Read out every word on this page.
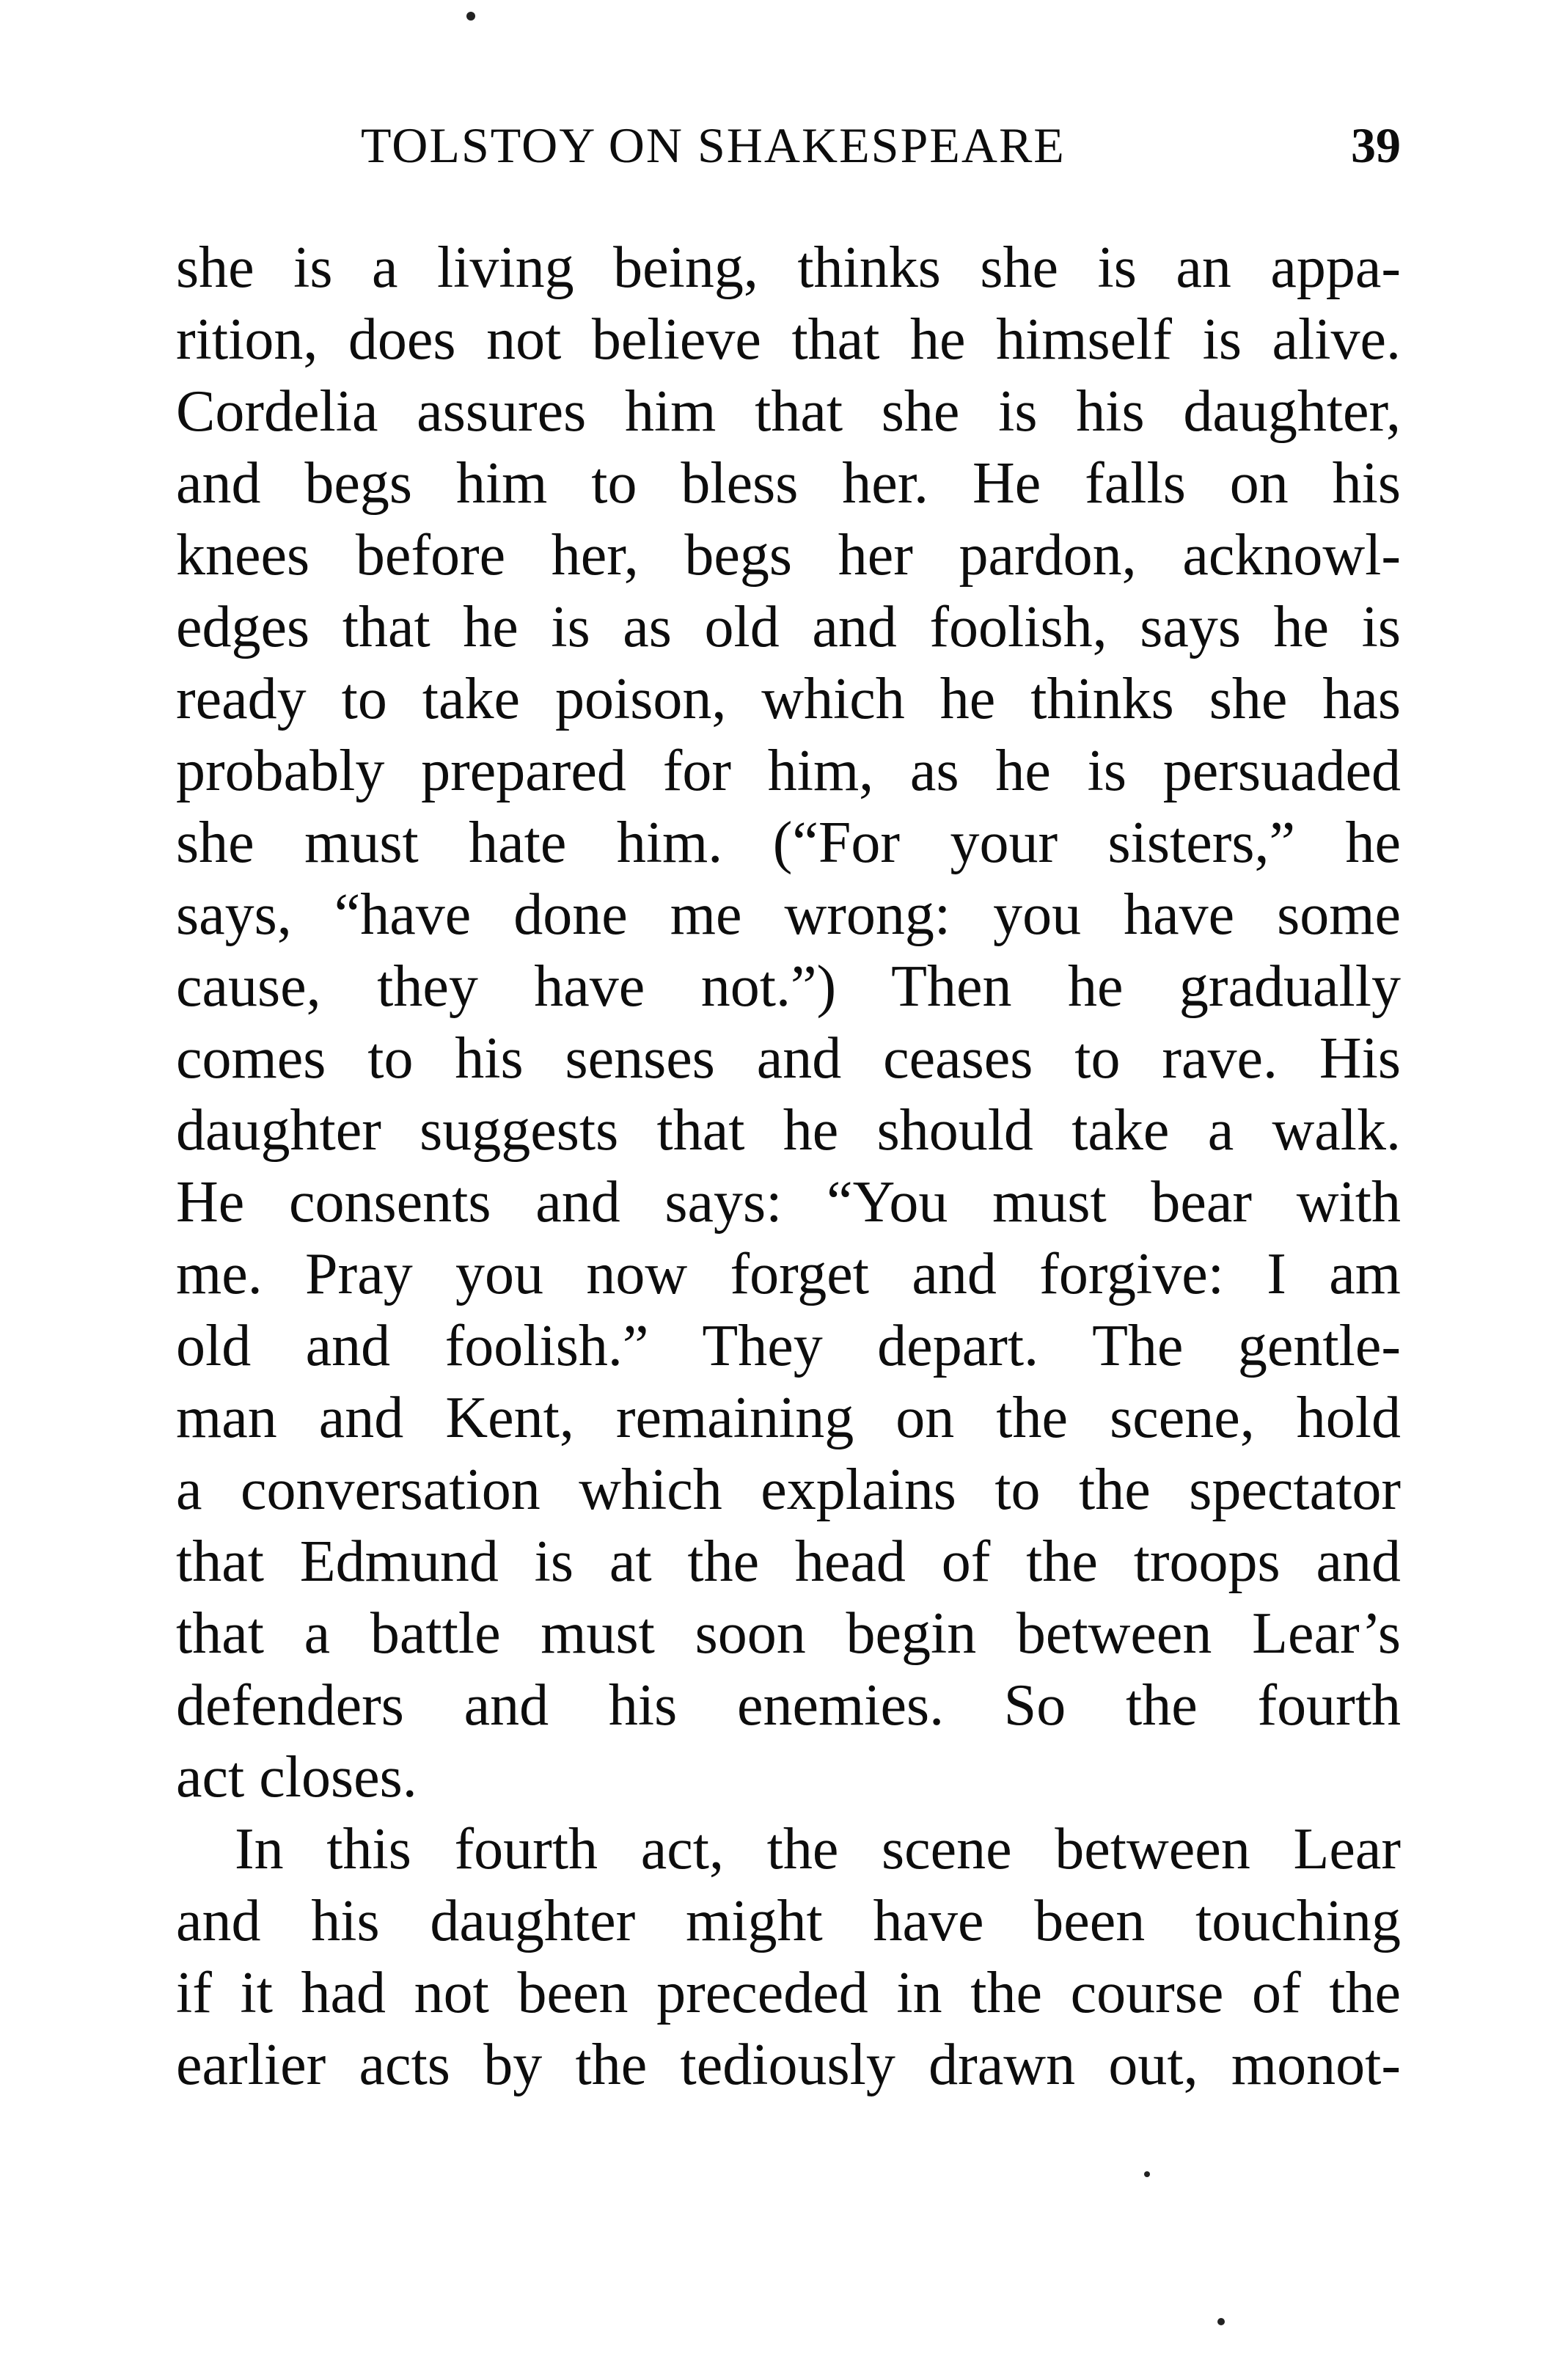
TOLSTOY ON SHAKESPEARE	39
she is a living being, thinks she is an appa-
rition, does not believe that he himself is alive.
Cordelia assures him that she is his daughter,
and begs him to bless her. He falls on his
knees before her, begs her pardon, acknowl-
edges that he is as old and foolish, says he is
ready to take poison, which he thinks she has
probably prepared for him, as he is persuaded
she must hate him. (“For your sisters,” he
says, “have done me wrong: you have some
cause, they have not.”) Then he gradually
comes to his senses and ceases to rave. His
daughter suggests that he should take a walk.
He consents and says: “You must bear with
me. Pray you now forget and forgive: I am
old and foolish.” They depart. The gentle-
man and Kent, remaining on the scene, hold
a conversation which explains to the spectator
that Edmund is at the head of the troops and
that a battle must soon begin between Lear’s
defenders and his enemies. So the fourth
act closes.
In this fourth act, the scene between Lear
and his daughter might have been touching
if it had not been preceded in the course of the
earlier acts by the tediously drawn out, monot-
